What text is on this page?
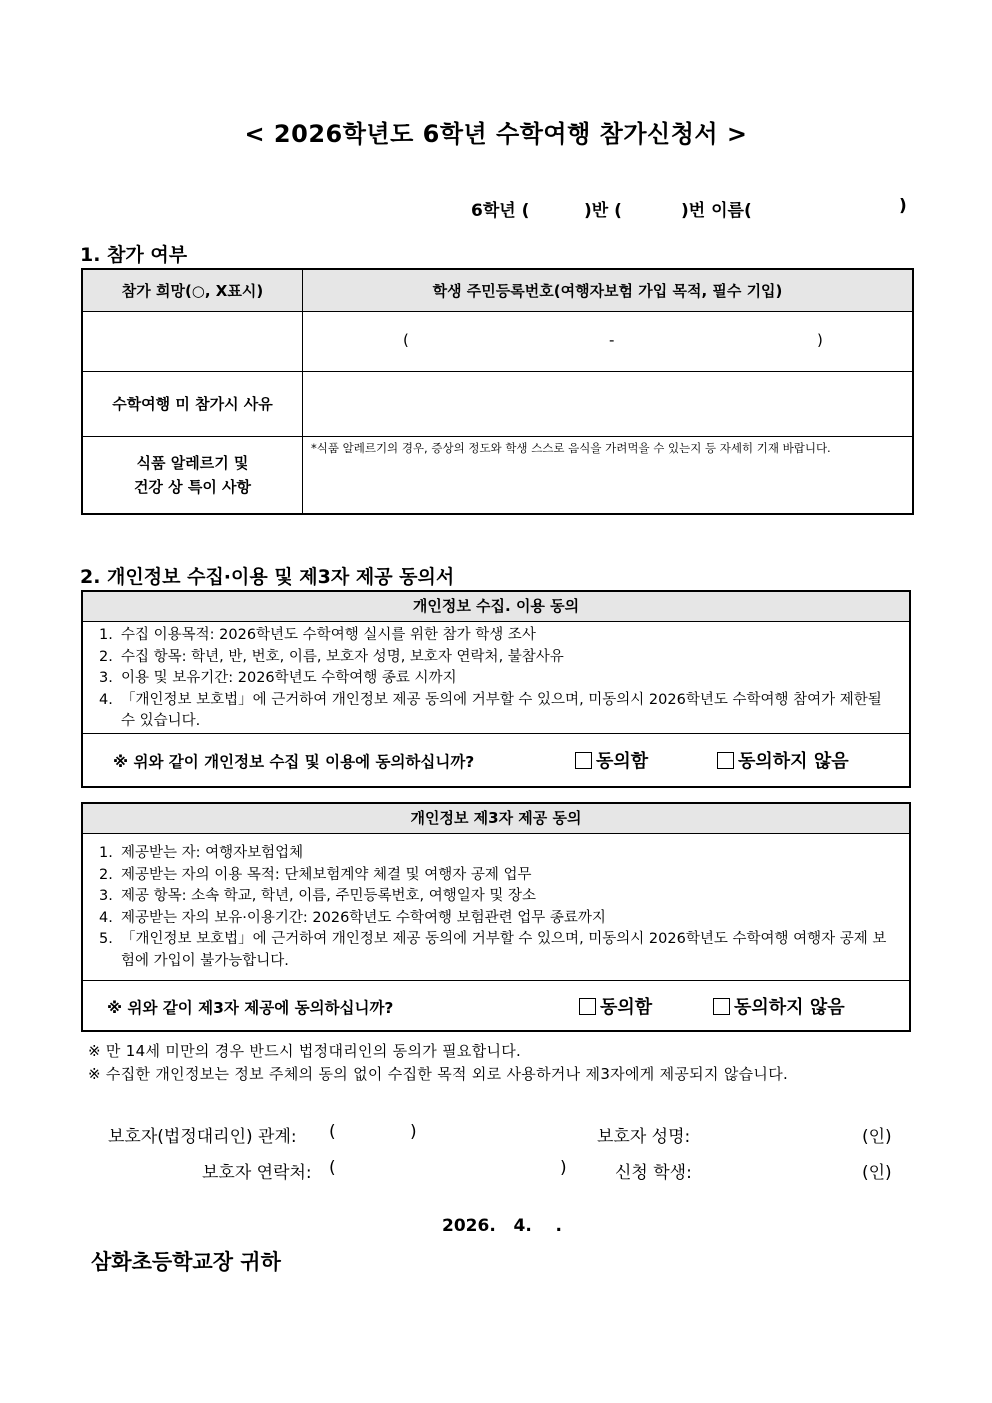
< 2026학년도 6학년 수학여행 참가신청서 >
6학년 (	)반 (	)번 이름(	)
1. 참가 여부
참가 희망(○, X표시)	학생 주민등록번호(여행자보험 가입 목적, 필수 기입)

	( - )

수학여행 미 참가시 사유	

식품 알레르기 및
건강 상 특이 사항	*식품 알레르기의 경우, 증상의 정도와 학생 스스로 음식을 가려먹을 수 있는지 등 자세히 기재 바랍니다.
2. 개인정보 수집·이용 및 제3자 제공 동의서
개인정보 수집. 이용 동의
1. 수집 이용목적: 2026학년도 수학여행 실시를 위한 참가 학생 조사
2. 수집 항목: 학년, 반, 번호, 이름, 보호자 성명, 보호자 연락처, 불참사유
3. 이용 및 보유기간: 2026학년도 수학여행 종료 시까지
4. 「개인정보 보호법」에 근거하여 개인정보 제공 동의에 거부할 수 있으며, 미동의시 2026학년도 수학여행 참여가 제한될 수 있습니다.
※ 위와 같이 개인정보 수집 및 이용에 동의하십니까?	동의함	동의하지 않음
개인정보 제3자 제공 동의
1. 제공받는 자: 여행자보험업체
2. 제공받는 자의 이용 목적: 단체보험계약 체결 및 여행자 공제 업무
3. 제공 항목: 소속 학교, 학년, 이름, 주민등록번호, 여행일자 및 장소
4. 제공받는 자의 보유·이용기간: 2026학년도 수학여행 보험관련 업무 종료까지
5. 「개인정보 보호법」에 근거하여 개인정보 제공 동의에 거부할 수 있으며, 미동의시 2026학년도 수학여행 여행자 공제 보험에 가입이 불가능합니다.
※ 위와 같이 제3자 제공에 동의하십니까?	동의함	동의하지 않음
※ 만 14세 미만의 경우 반드시 법정대리인의 동의가 필요합니다.
※ 수집한 개인정보는 정보 주체의 동의 없이 수집한 목적 외로 사용하거나 제3자에게 제공되지 않습니다.
보호자(법정대리인) 관계: (	)	보호자 성명:	(인)
보호자 연락처: (	)	신청 학생:	(인)
2026.   4.    .
삼화초등학교장 귀하
